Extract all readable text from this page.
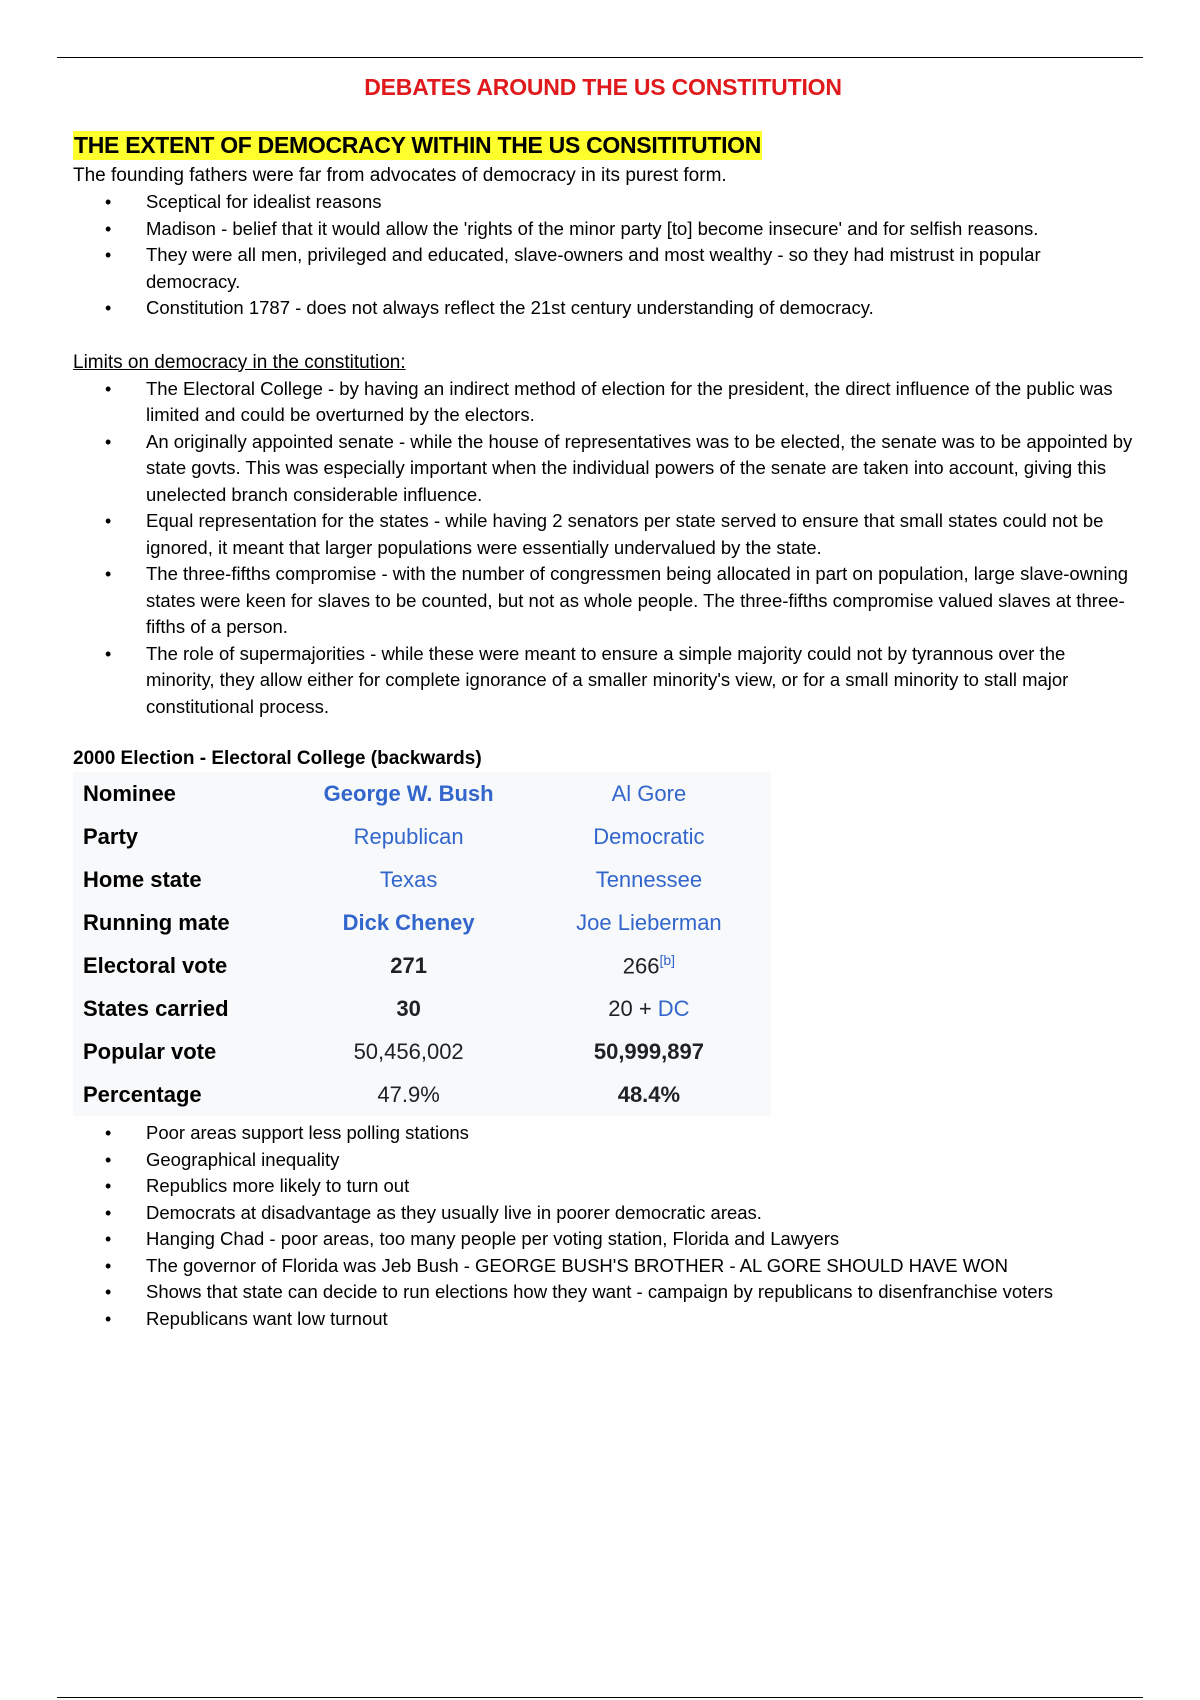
DEBATES AROUND THE US CONSTITUTION
THE EXTENT OF DEMOCRACY WITHIN THE US CONSITITUTION

The founding fathers were far from advocates of democracy in its purest form.

• Sceptical for idealist reasons
• Madison - belief that it would allow the 'rights of the minor party [to] become insecure' and for selfish reasons.
• They were all men, privileged and educated, slave-owners and most wealthy - so they had mistrust in popular democracy.
• Constitution 1787 - does not always reflect the 21st century understanding of democracy.
Limits on democracy in the constitution:
• The Electoral College - by having an indirect method of election for the president, the direct influence of the public was limited and could be overturned by the electors.
• An originally appointed senate - while the house of representatives was to be elected, the senate was to be appointed by state govts. This was especially important when the individual powers of the senate are taken into account, giving this unelected branch considerable influence.
• Equal representation for the states - while having 2 senators per state served to ensure that small states could not be ignored, it meant that larger populations were essentially undervalued by the state.
• The three-fifths compromise - with the number of congressmen being allocated in part on population, large slave-owning states were keen for slaves to be counted, but not as whole people. The three-fifths compromise valued slaves at three-fifths of a person.
• The role of supermajorities - while these were meant to ensure a simple majority could not by tyrannous over the minority, they allow either for complete ignorance of a smaller minority's view, or for a small minority to stall major constitutional process.
2000 Election - Electoral College (backwards)
Nominee	George W. Bush	Al Gore
Party	Republican	Democratic
Home state	Texas	Tennessee
Running mate	Dick Cheney	Joe Lieberman
Electoral vote	271	266[b]
States carried	30	20 + DC
Popular vote	50,456,002	50,999,897
Percentage	47.9%	48.4%
• Poor areas support less polling stations
• Geographical inequality
• Republics more likely to turn out
• Democrats at disadvantage as they usually live in poorer democratic areas.
• Hanging Chad - poor areas, too many people per voting station, Florida and Lawyers
• The governor of Florida was Jeb Bush - GEORGE BUSH'S BROTHER - AL GORE SHOULD HAVE WON
• Shows that state can decide to run elections how they want - campaign by republicans to disenfranchise voters
• Republicans want low turnout
